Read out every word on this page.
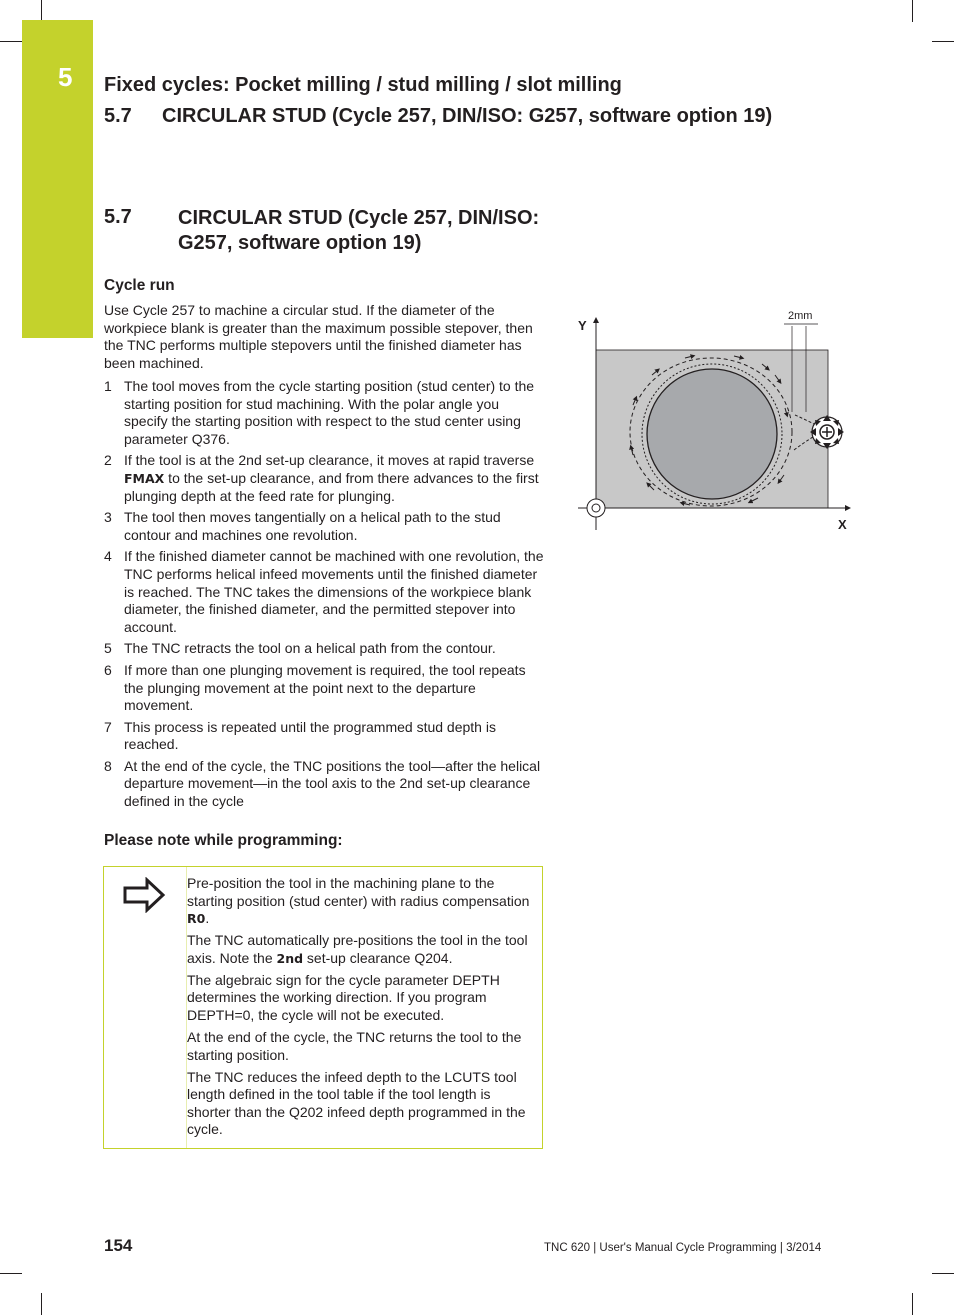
5 Fixed cycles: Pocket milling / stud milling / slot milling
5.7 CIRCULAR STUD (Cycle 257, DIN/ISO: G257, software option 19)
5.7 CIRCULAR STUD (Cycle 257, DIN/ISO: G257, software option 19)
Cycle run
Use Cycle 257 to machine a circular stud. If the diameter of the workpiece blank is greater than the maximum possible stepover, then the TNC performs multiple stepovers until the finished diameter has been machined.
1 The tool moves from the cycle starting position (stud center) to the starting position for stud machining. With the polar angle you specify the starting position with respect to the stud center using parameter Q376.
2 If the tool is at the 2nd set-up clearance, it moves at rapid traverse FMAX to the set-up clearance, and from there advances to the first plunging depth at the feed rate for plunging.
3 The tool then moves tangentially on a helical path to the stud contour and machines one revolution.
4 If the finished diameter cannot be machined with one revolution, the TNC performs helical infeed movements until the finished diameter is reached. The TNC takes the dimensions of the workpiece blank diameter, the finished diameter, and the permitted stepover into account.
5 The TNC retracts the tool on a helical path from the contour.
6 If more than one plunging movement is required, the tool repeats the plunging movement at the point next to the departure movement.
7 This process is repeated until the programmed stud depth is reached.
8 At the end of the cycle, the TNC positions the tool—after the helical departure movement—in the tool axis to the 2nd set-up clearance defined in the cycle
Please note while programming:

Pre-position the tool in the machining plane to the starting position (stud center) with radius compensation R0.

The TNC automatically pre-positions the tool in the tool axis. Note the 2nd set-up clearance Q204.

The algebraic sign for the cycle parameter DEPTH determines the working direction. If you program DEPTH=0, the cycle will not be executed.

At the end of the cycle, the TNC returns the tool to the starting position.

The TNC reduces the infeed depth to the LCUTS tool length defined in the tool table if the tool length is shorter than the Q202 infeed depth programmed in the cycle.

Y
X
2mm
154	TNC 620 | User's Manual Cycle Programming | 3/2014
